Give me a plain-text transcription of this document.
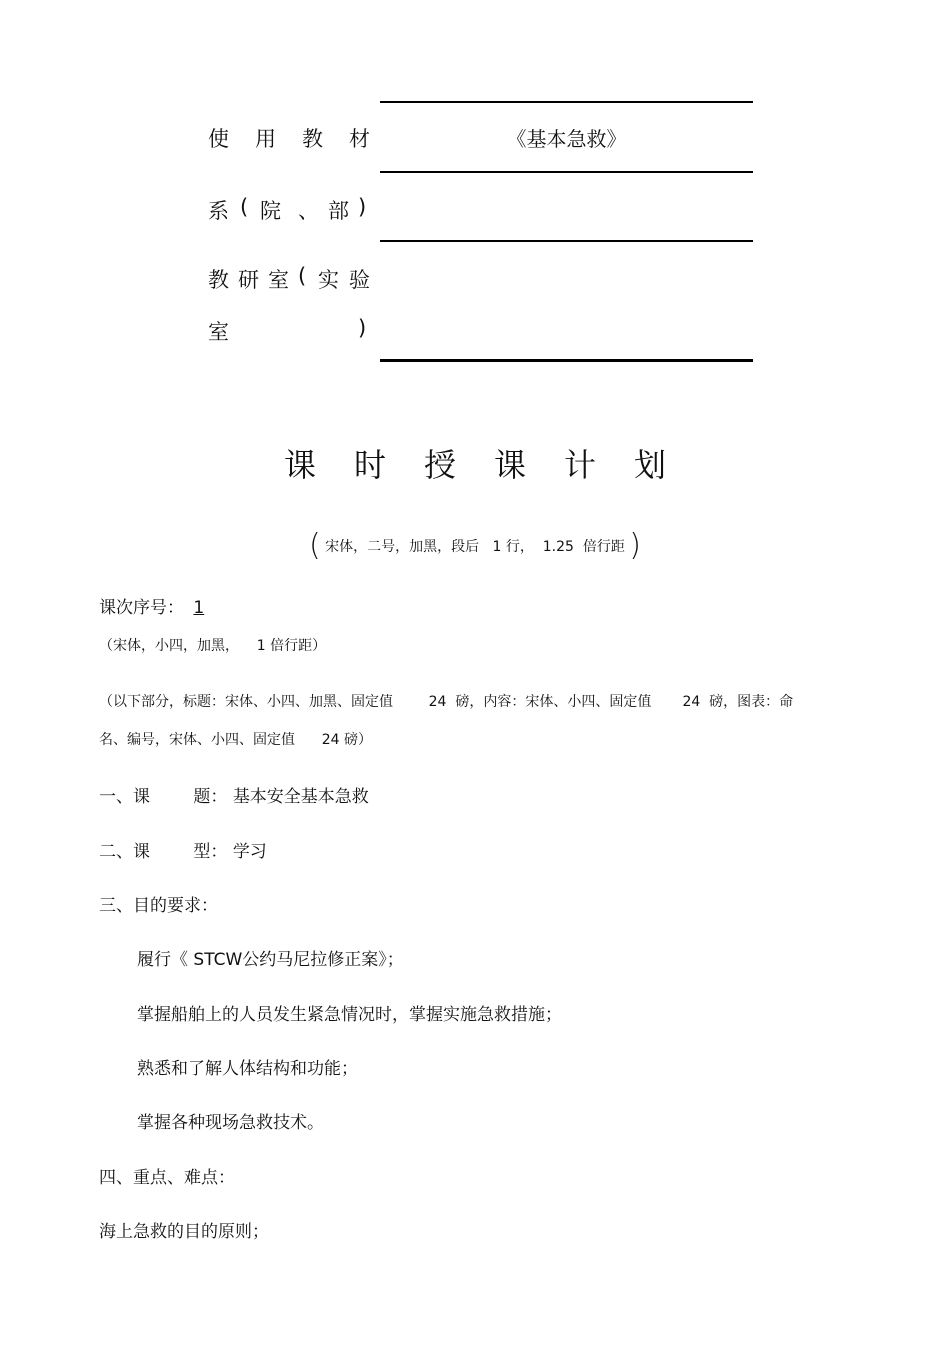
使 用 教 材	《基本急救》
系 ( 院 、 部 )
教 研 室 ( 实 验
室	)
课 时 授 课 计 划
( 宋体，二号，加黑，段后   1 行，  1.25  倍行距 )
课次序号： 1
（宋体，小四，加黑，    1 倍行距）
（以下部分，标题：宋体、小四、加黑、固定值        24  磅，内容：宋体、小四、固定值       24  磅，图表：命
名、编号，宋体、小四、固定值      24 磅）
一、课	题： 基本安全基本急救
二、课	型： 学习
三、目的要求：
履行《 STCW公约马尼拉修正案》；
掌握船舶上的人员发生紧急情况时，掌握实施急救措施；
熟悉和了解人体结构和功能；
掌握各种现场急救技术。
四、重点、难点：
海上急救的目的原则；
